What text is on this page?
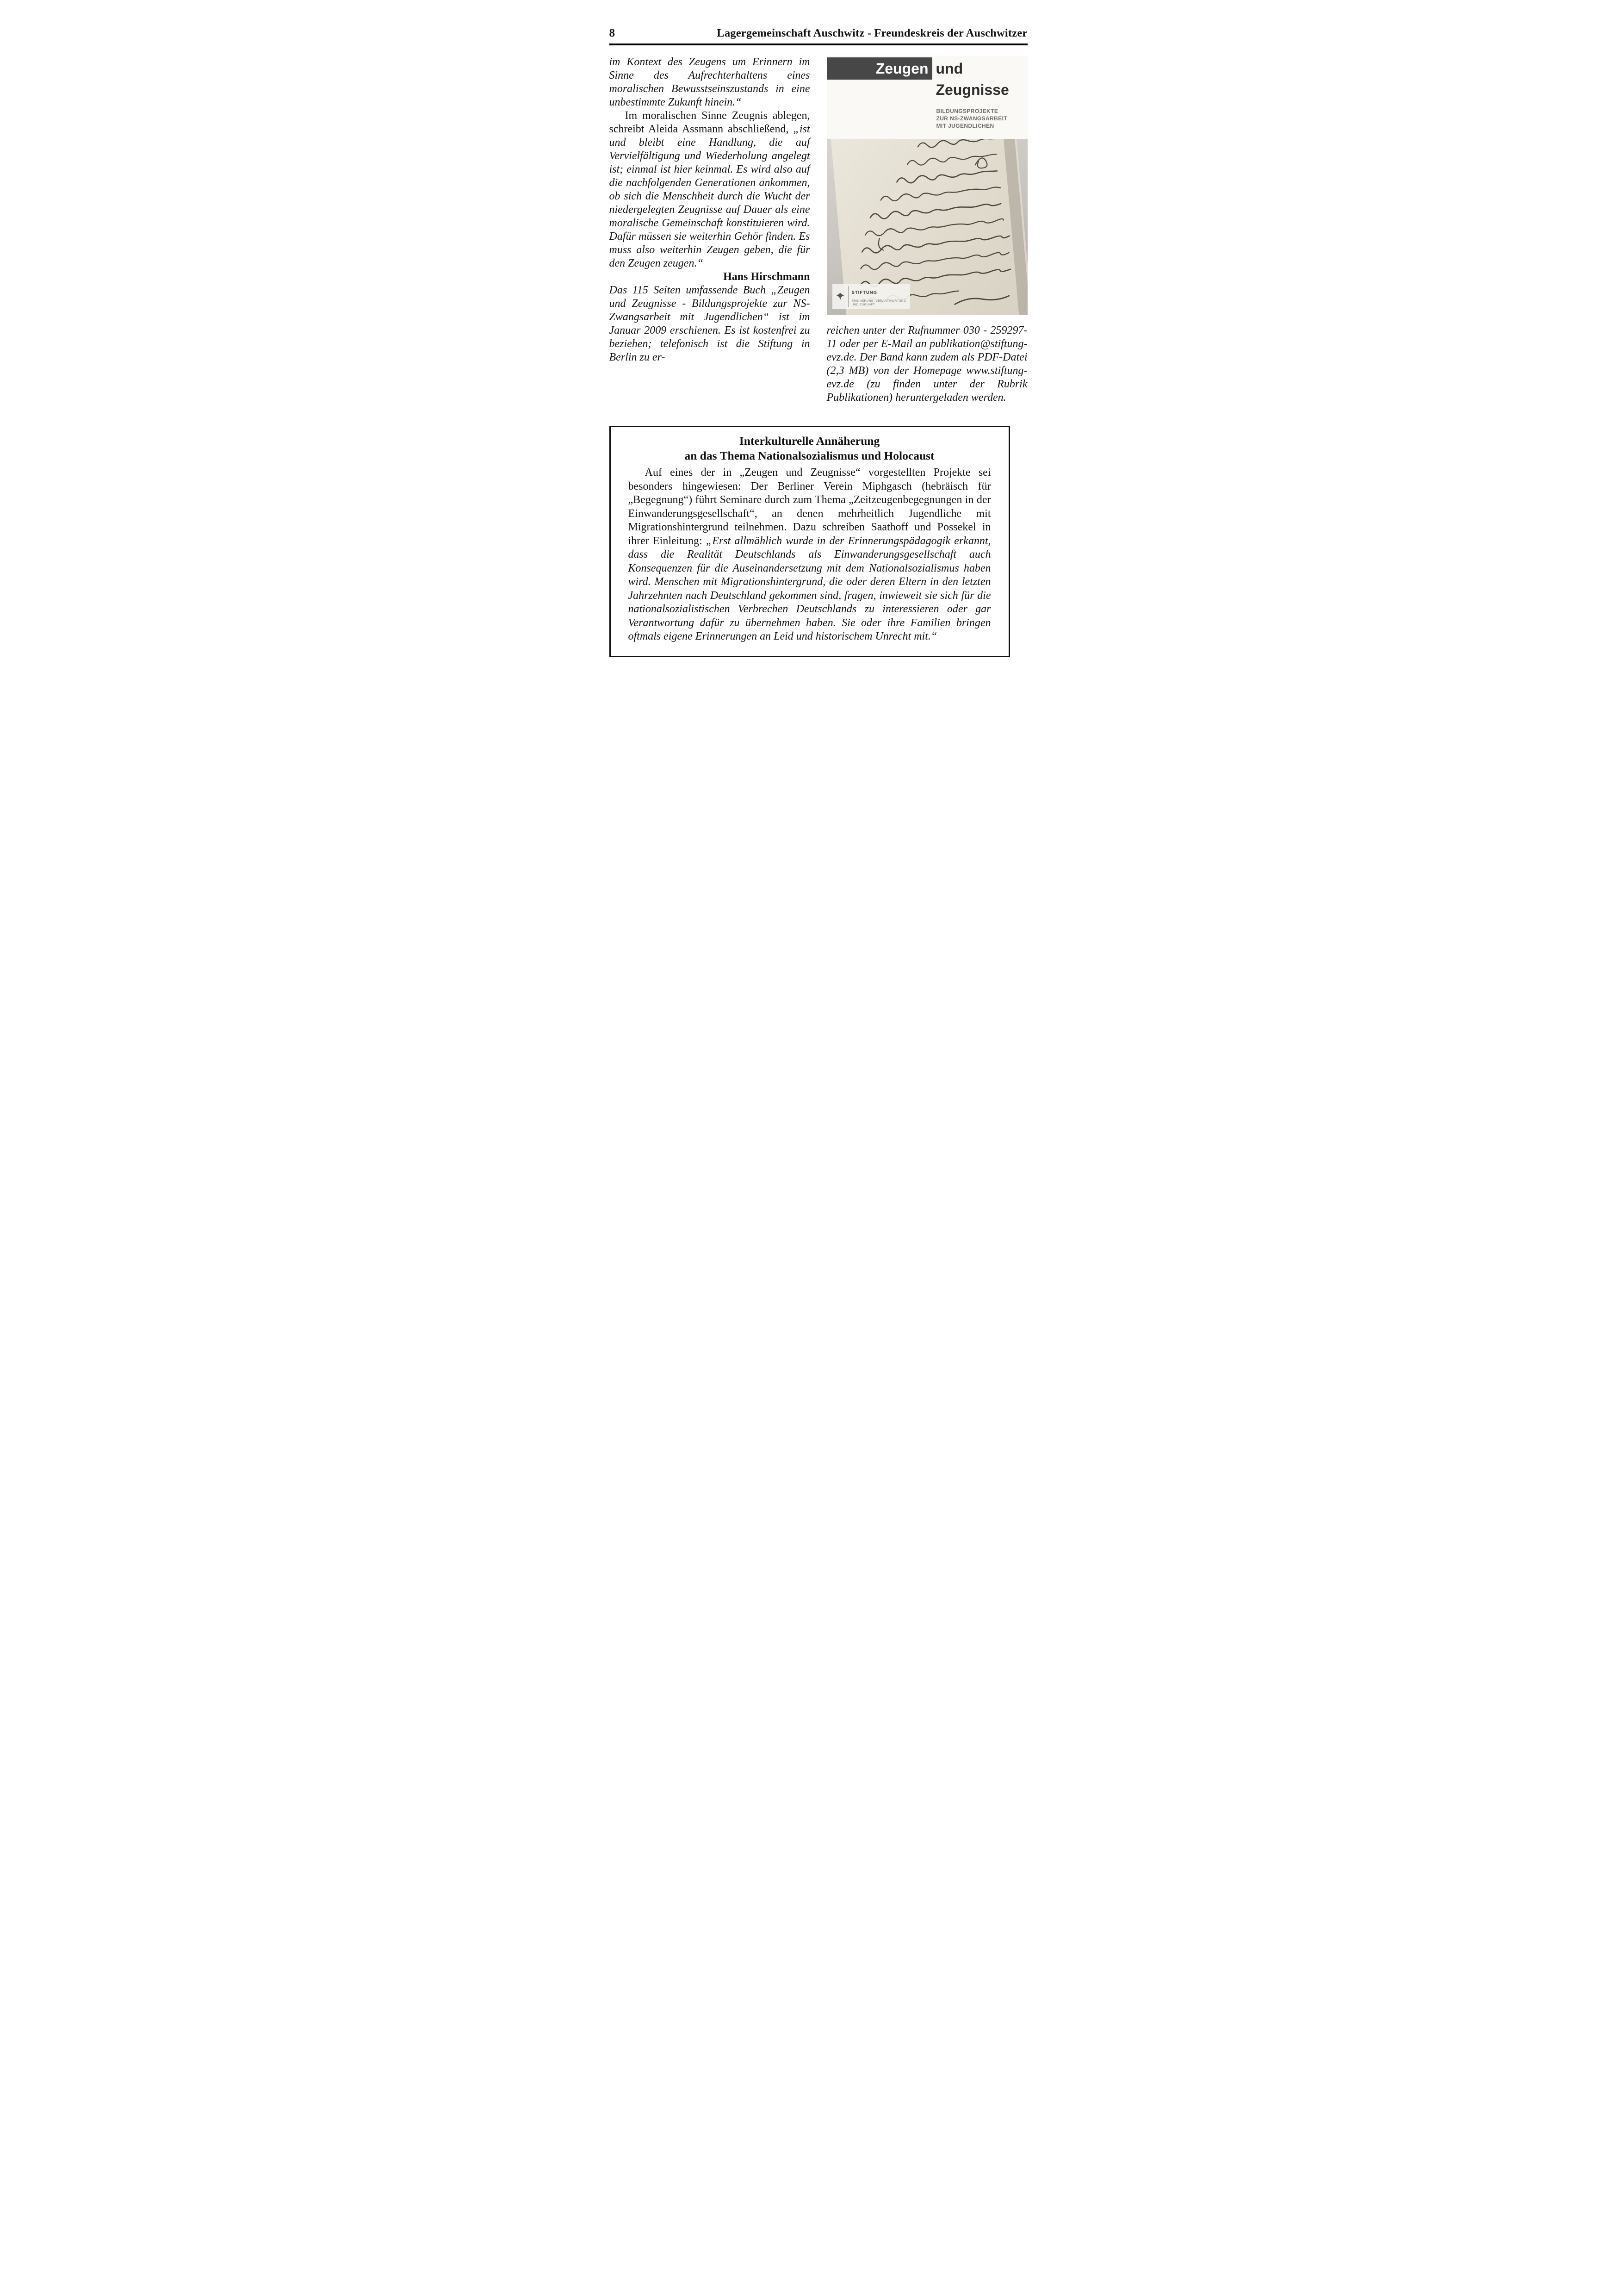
8	Lagergemeinschaft Auschwitz - Freundeskreis der Auschwitzer

im Kontext des Zeugens um Erinnern im Sinne des Aufrechterhaltens eines moralischen Bewusstseinszustands in eine unbestimmte Zukunft hinein.“

Im moralischen Sinne Zeugnis ablegen, schreibt Aleida Assmann abschließend, „ist und bleibt eine Handlung, die auf Vervielfältigung und Wiederholung angelegt ist; einmal ist hier keinmal. Es wird also auf die nachfolgenden Generationen ankommen, ob sich die Menschheit durch die Wucht der niedergelegten Zeugnisse auf Dauer als eine moralische Gemeinschaft konstituieren wird. Dafür müssen sie weiterhin Gehör finden. Es muss also weiterhin Zeugen geben, die für den Zeugen zeugen.“

Hans Hirschmann

Das 115 Seiten umfassende Buch „Zeugen und Zeugnisse - Bildungsprojekte zur NS-Zwangsarbeit mit Jugendlichen“ ist im Januar 2009 erschienen. Es ist kostenfrei zu beziehen; telefonisch ist die Stiftung in Berlin zu er-

Zeugen und
Zeugnisse
BILDUNGSPROJEKTE
ZUR NS-ZWANGSARBEIT
MIT JUGENDLICHEN
STIFTUNG
ERINNERUNG, VERANTWORTUNG
UND ZUKUNFT

reichen unter der Rufnummer 030 - 259297-11 oder per E-Mail an publikation@stiftung-evz.de. Der Band kann zudem als PDF-Datei (2,3 MB) von der Homepage www.stiftung-evz.de (zu finden unter der Rubrik Publikationen) heruntergeladen werden.

Interkulturelle Annäherung
an das Thema Nationalsozialismus und Holocaust

Auf eines der in „Zeugen und Zeugnisse“ vorgestellten Projekte sei besonders hingewiesen: Der Berliner Verein Miphgasch (hebräisch für „Begegnung“) führt Seminare durch zum Thema „Zeitzeugenbegegnungen in der Einwanderungsgesellschaft“, an denen mehrheitlich Jugendliche mit Migrationshintergrund teilnehmen. Dazu schreiben Saathoff und Possekel in ihrer Einleitung: „Erst allmählich wurde in der Erinnerungspädagogik erkannt, dass die Realität Deutschlands als Einwanderungsgesellschaft auch Konsequenzen für die Auseinandersetzung mit dem Nationalsozialismus haben wird. Menschen mit Migrationshintergrund, die oder deren Eltern in den letzten Jahrzehnten nach Deutschland gekommen sind, fragen, inwieweit sie sich für die nationalsozialistischen Verbrechen Deutschlands zu interessieren oder gar Verantwortung dafür zu übernehmen haben. Sie oder ihre Familien bringen oftmals eigene Erinnerungen an Leid und historischem Unrecht mit.“
